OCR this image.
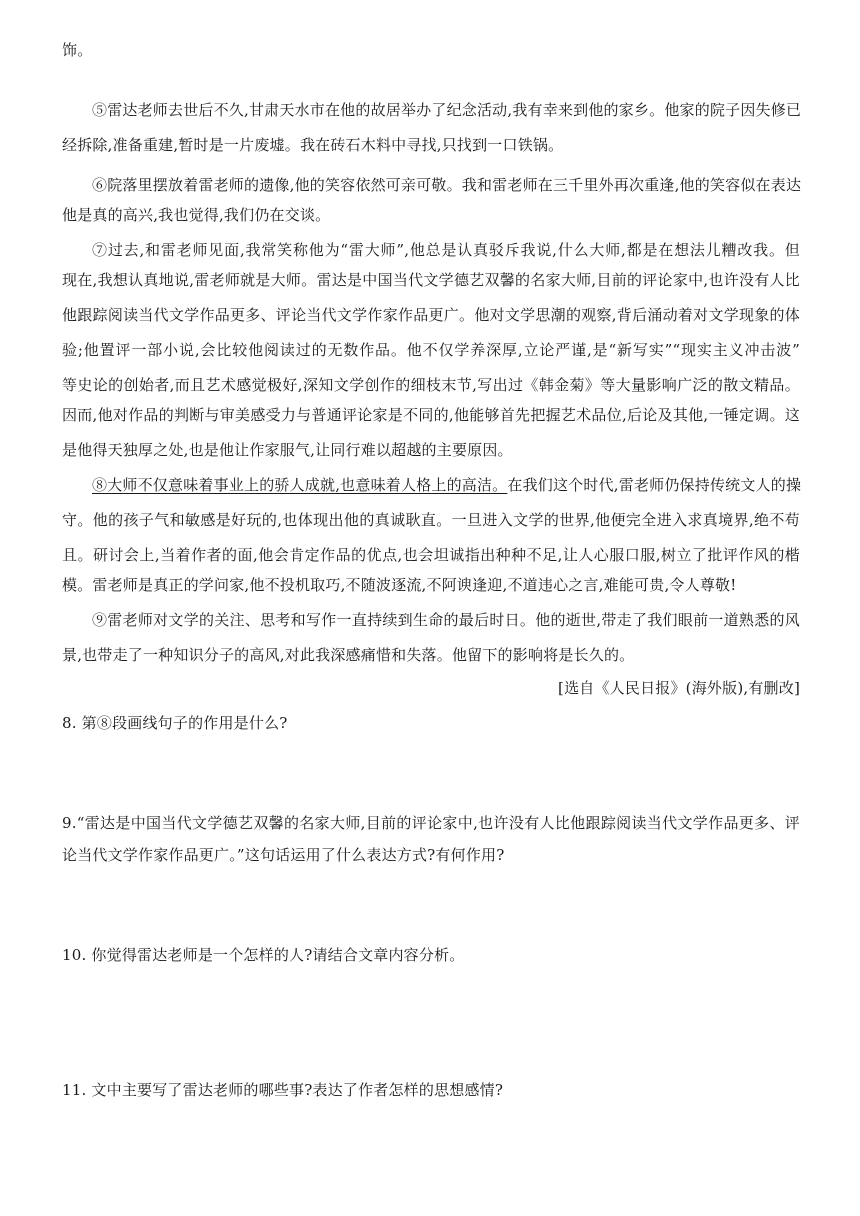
饰。
⑤雷达老师去世后不久,甘肃天水市在他的故居举办了纪念活动,我有幸来到他的家乡。他家的院子因失修已
经拆除,准备重建,暂时是一片废墟。我在砖石木料中寻找,只找到一口铁锅。
⑥院落里摆放着雷老师的遗像,他的笑容依然可亲可敬。我和雷老师在三千里外再次重逢,他的笑容似在表达
他是真的高兴,我也觉得,我们仍在交谈。
⑦过去,和雷老师见面,我常笑称他为“雷大师”,他总是认真驳斥我说,什么大师,都是在想法儿糟改我。但
现在,我想认真地说,雷老师就是大师。雷达是中国当代文学德艺双馨的名家大师,目前的评论家中,也许没有人比
他跟踪阅读当代文学作品更多、评论当代文学作家作品更广。他对文学思潮的观察,背后涌动着对文学现象的体
验;他置评一部小说,会比较他阅读过的无数作品。他不仅学养深厚,立论严谨,是“新写实”“现实主义冲击波”
等史论的创始者,而且艺术感觉极好,深知文学创作的细枝末节,写出过《韩金菊》等大量影响广泛的散文精品。
因而,他对作品的判断与审美感受力与普通评论家是不同的,他能够首先把握艺术品位,后论及其他,一锤定调。这
是他得天独厚之处,也是他让作家服气,让同行难以超越的主要原因。
⑧大师不仅意味着事业上的骄人成就,也意味着人格上的高洁。在我们这个时代,雷老师仍保持传统文人的操
守。他的孩子气和敏感是好玩的,也体现出他的真诚耿直。一旦进入文学的世界,他便完全进入求真境界,绝不苟
且。研讨会上,当着作者的面,他会肯定作品的优点,也会坦诚指出种种不足,让人心服口服,树立了批评作风的楷
模。雷老师是真正的学问家,他不投机取巧,不随波逐流,不阿谀逢迎,不道违心之言,难能可贵,令人尊敬!
⑨雷老师对文学的关注、思考和写作一直持续到生命的最后时日。他的逝世,带走了我们眼前一道熟悉的风
景,也带走了一种知识分子的高风,对此我深感痛惜和失落。他留下的影响将是长久的。
[选自《人民日报》(海外版),有删改]
8. 第⑧段画线句子的作用是什么?
9.“雷达是中国当代文学德艺双馨的名家大师,目前的评论家中,也许没有人比他跟踪阅读当代文学作品更多、评
论当代文学作家作品更广。”这句话运用了什么表达方式?有何作用?
10. 你觉得雷达老师是一个怎样的人?请结合文章内容分析。
11. 文中主要写了雷达老师的哪些事?表达了作者怎样的思想感情?
